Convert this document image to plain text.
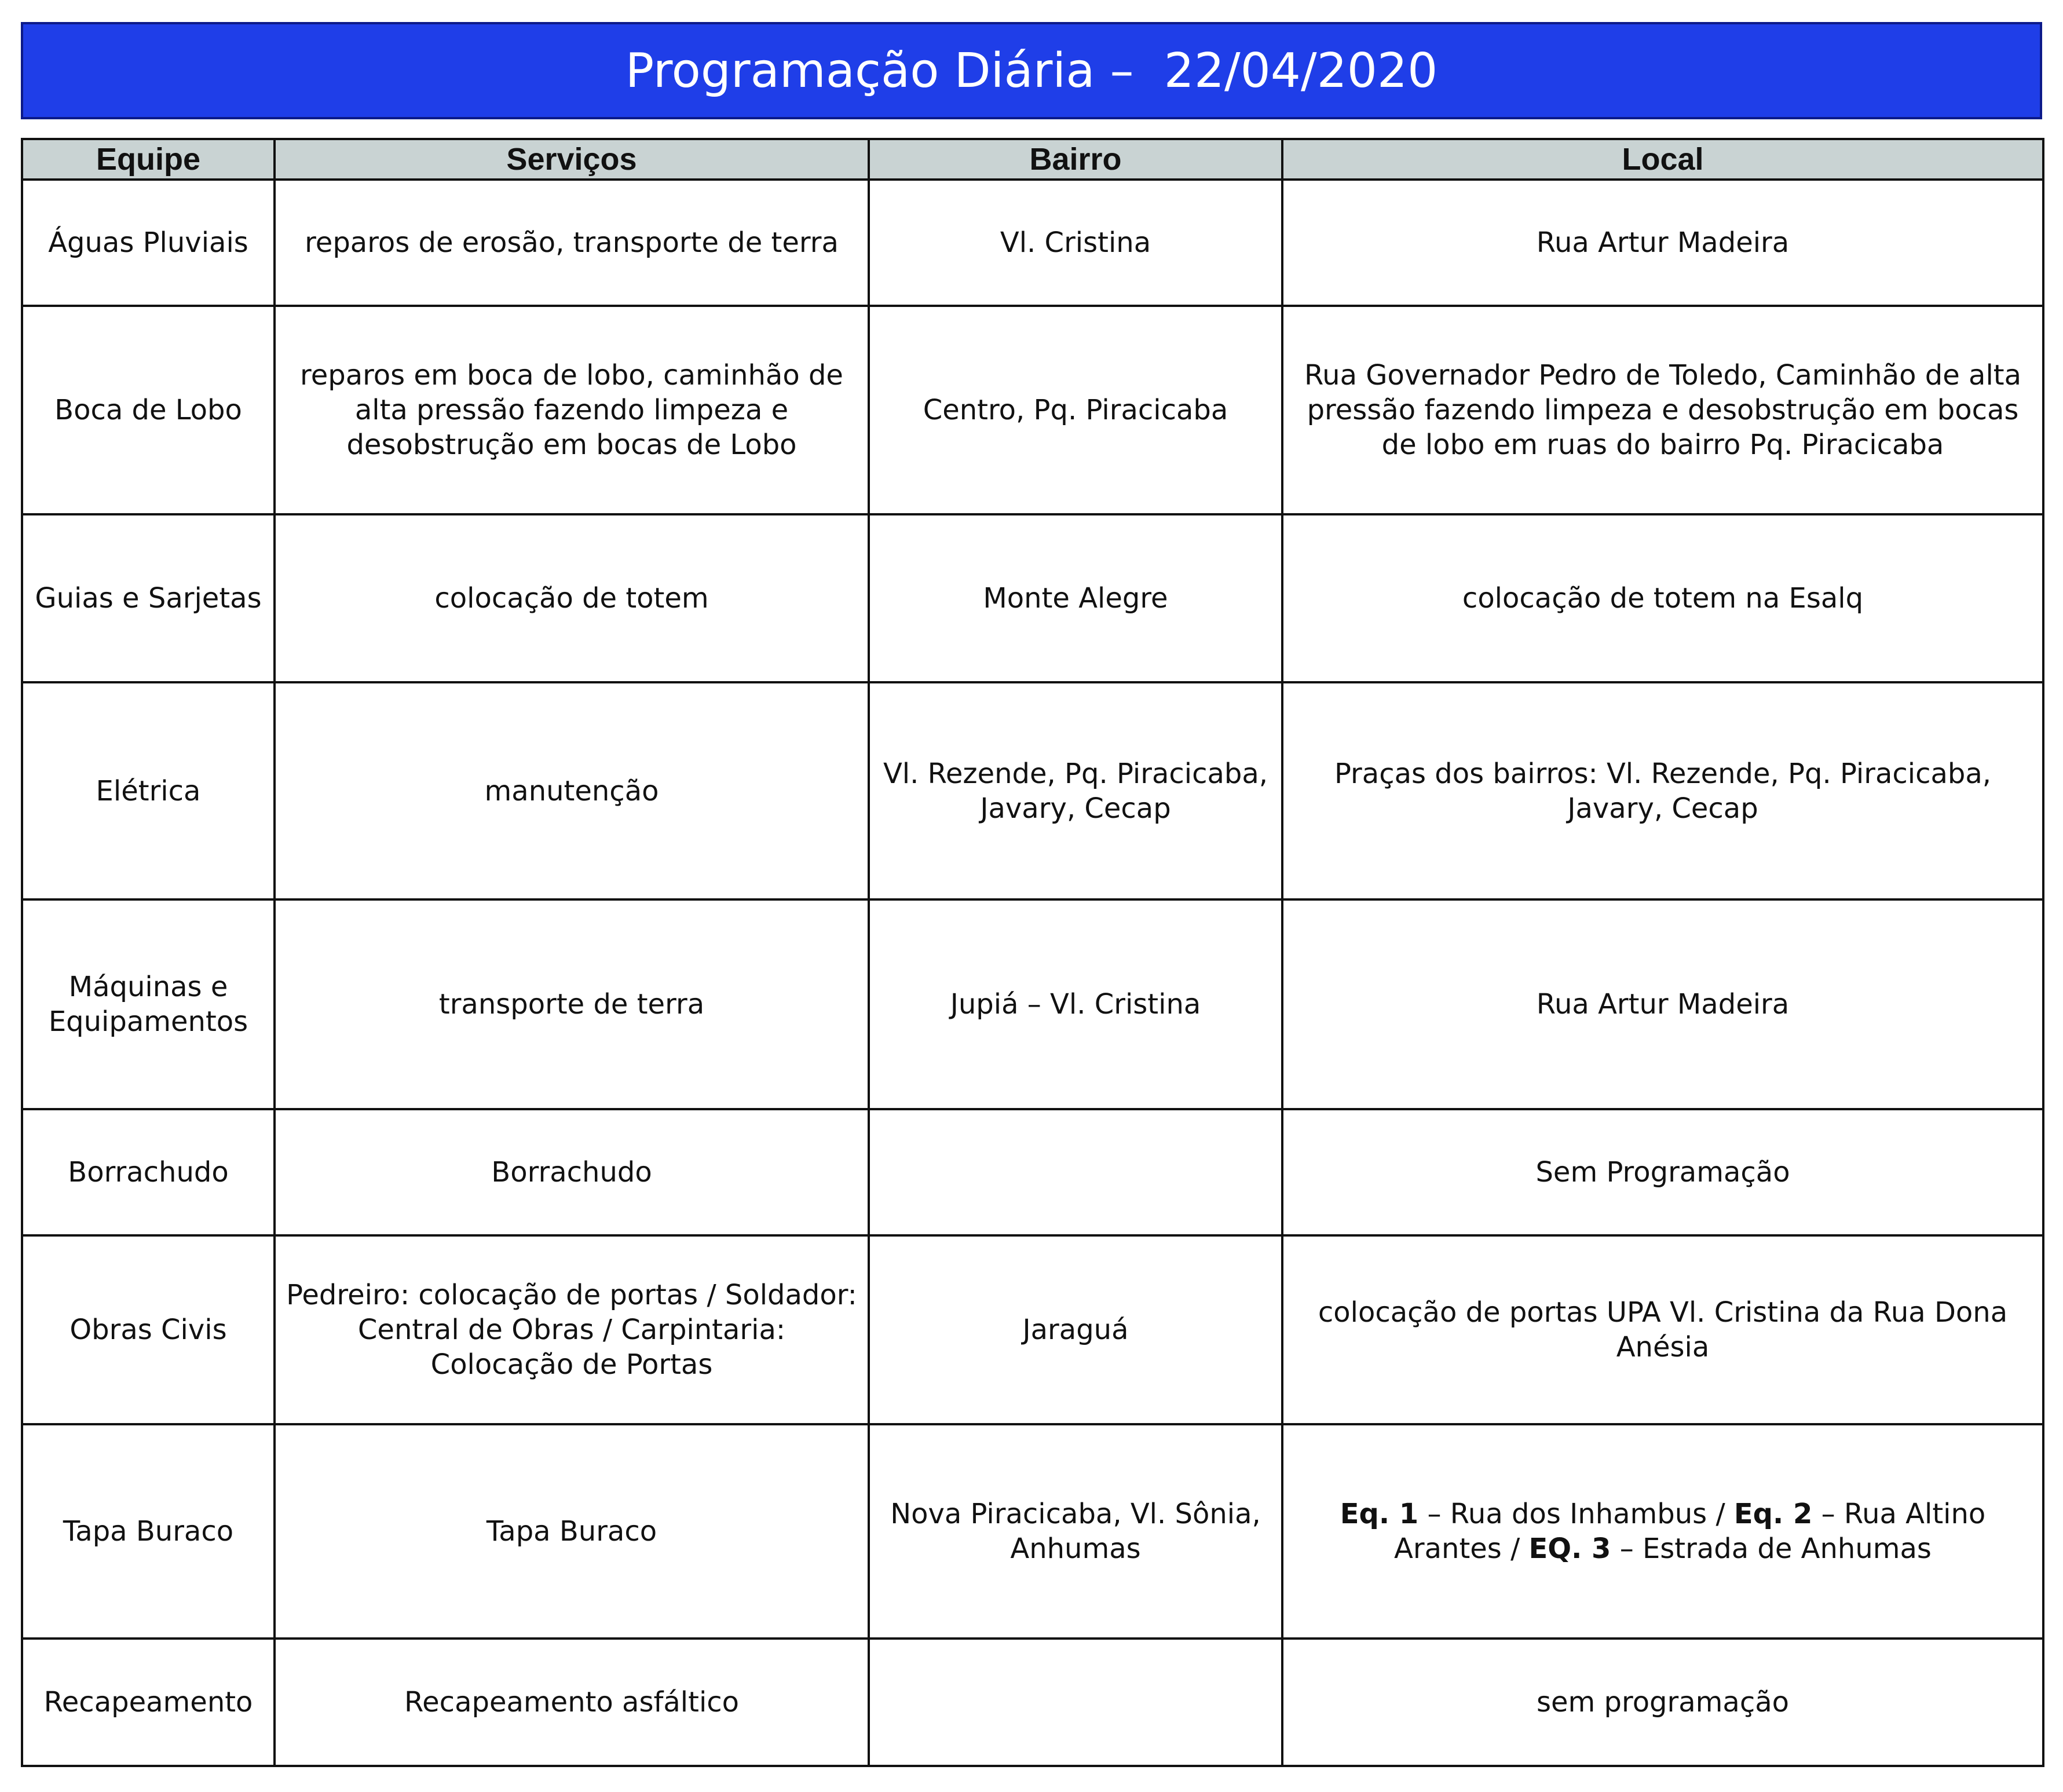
Programação Diária –  22/04/2020
Equipe	Serviços	Bairro	Local
Águas Pluviais	reparos de erosão, transporte de terra	Vl. Cristina	Rua Artur Madeira
Boca de Lobo	reparos em boca de lobo, caminhão de alta pressão fazendo limpeza e desobstrução em bocas de Lobo	Centro, Pq. Piracicaba	Rua Governador Pedro de Toledo, Caminhão de alta pressão fazendo limpeza e desobstrução em bocas de lobo em ruas do bairro Pq. Piracicaba
Guias e Sarjetas	colocação de totem	Monte Alegre	colocação de totem na Esalq
Elétrica	manutenção	Vl. Rezende, Pq. Piracicaba, Javary, Cecap	Praças dos bairros: Vl. Rezende, Pq. Piracicaba, Javary, Cecap
Máquinas e Equipamentos	transporte de terra	Jupiá – Vl. Cristina	Rua Artur Madeira
Borrachudo	Borrachudo		Sem Programação
Obras Civis	Pedreiro: colocação de portas / Soldador: Central de Obras / Carpintaria: Colocação de Portas	Jaraguá	colocação de portas UPA Vl. Cristina da Rua Dona Anésia
Tapa Buraco	Tapa Buraco	Nova Piracicaba, Vl. Sônia, Anhumas	Eq. 1 – Rua dos Inhambus / Eq. 2 – Rua Altino Arantes / EQ. 3 – Estrada de Anhumas
Recapeamento	Recapeamento asfáltico		sem programação
